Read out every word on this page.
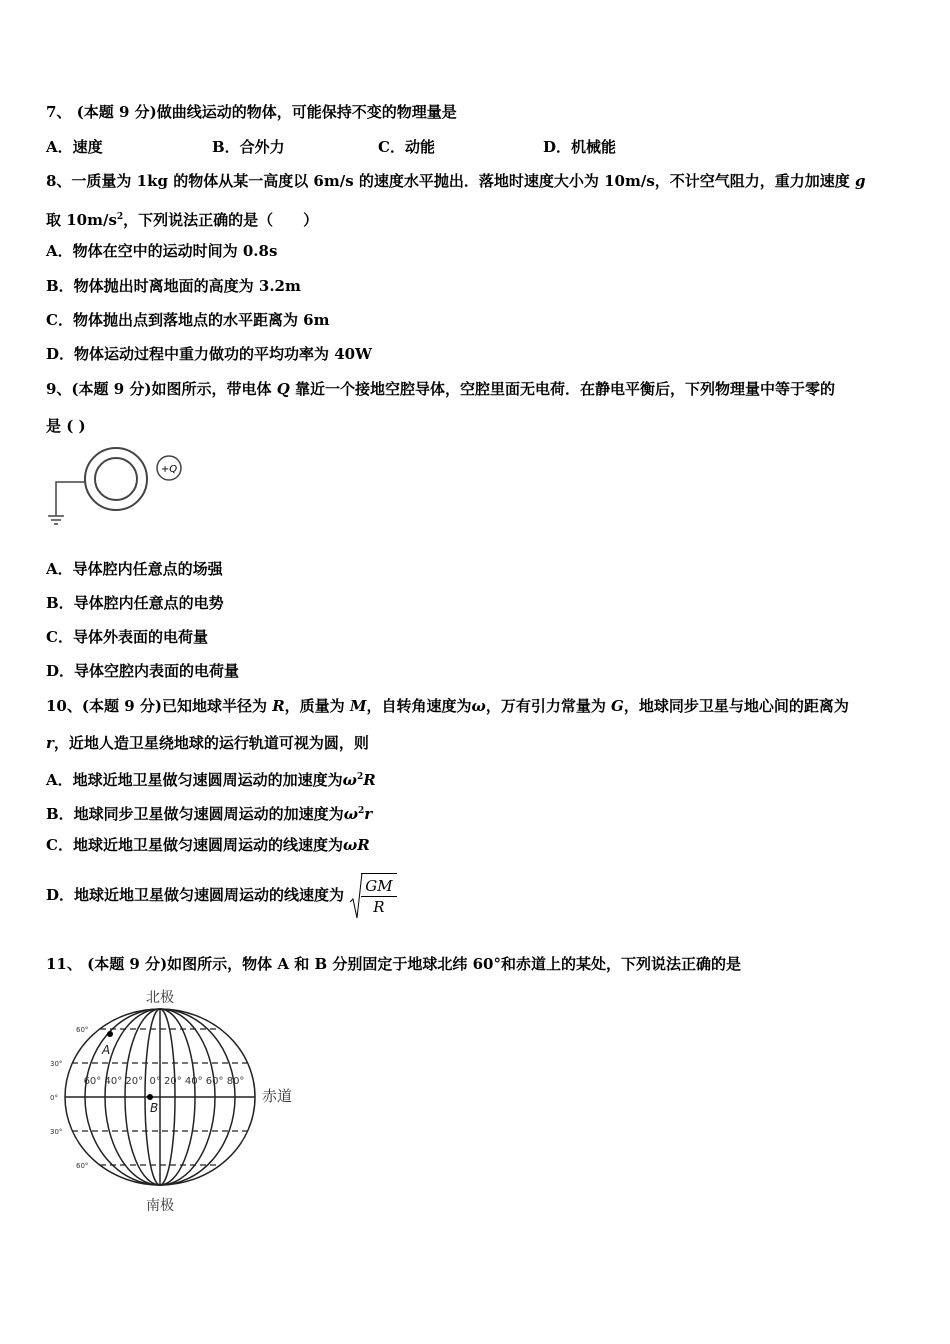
7、 (本题 9 分)做曲线运动的物体，可能保持不变的物理量是
A．速度	B．合外力	C．动能	D．机械能
8、一质量为 1kg 的物体从某一高度以 6m/s 的速度水平抛出．落地时速度大小为 10m/s，不计空气阻力，重力加速度 g
取 $10m/s^2$，下列说法正确的是（　　）
A．物体在空中的运动时间为 0.8s
B．物体抛出时离地面的高度为 3.2m
C．物体抛出点到落地点的水平距离为 6m
D．物体运动过程中重力做功的平均功率为 40W
9、(本题 9 分)如图所示，带电体 Q 靠近一个接地空腔导体，空腔里面无电荷．在静电平衡后，下列物理量中等于零的
是 ( )
+Q
A．导体腔内任意点的场强
B．导体腔内任意点的电势
C．导体外表面的电荷量
D．导体空腔内表面的电荷量
10、(本题 9 分)已知地球半径为 R，质量为 M，自转角速度为ω，万有引力常量为 G，地球同步卫星与地心间的距离为
r，近地人造卫星绕地球的运行轨道可视为圆，则
A．地球近地卫星做匀速圆周运动的加速度为$\omega^2R$
B．地球同步卫星做匀速圆周运动的加速度为$\omega^2r$
C．地球近地卫星做匀速圆周运动的线速度为ωR
D．地球近地卫星做匀速圆周运动的线速度为 $\frac{GM}{R}$
11、 (本题 9 分)如图所示，物体 A 和 B 分别固定于地球北纬 60°和赤道上的某处，下列说法正确的是
北极
南极
60°
30°
0°
30°
60°
60° 40° 20°  0° 20° 40° 60° 80°
赤道
A
B
